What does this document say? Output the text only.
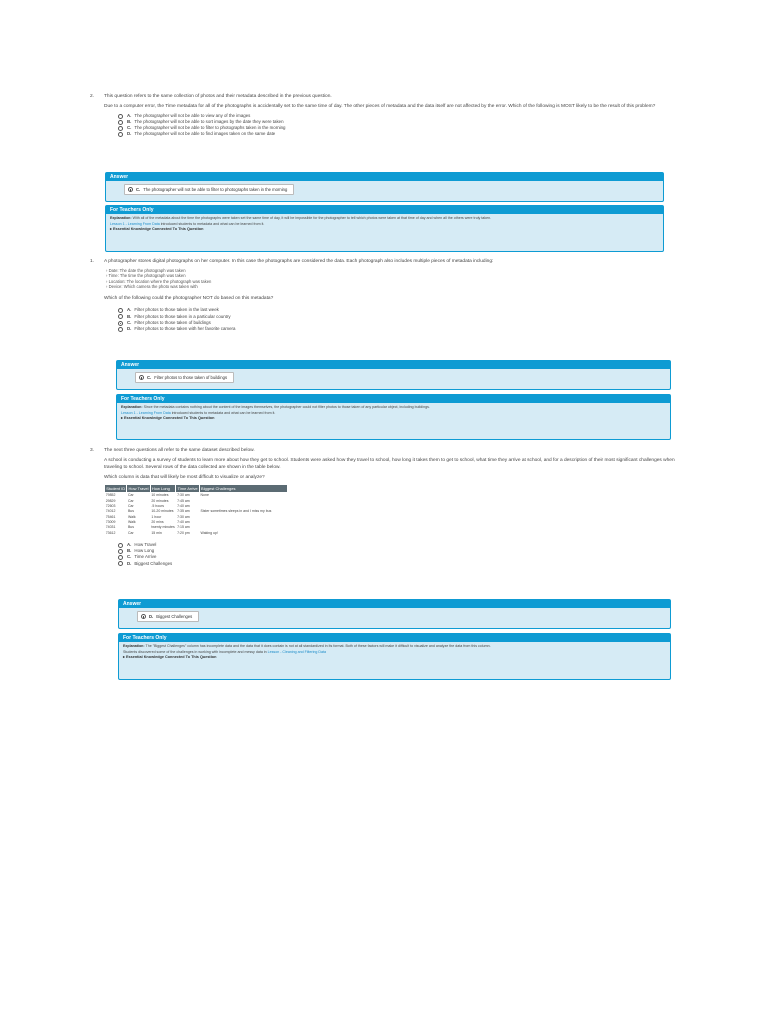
2.	This question refers to the same collection of photos and their metadata described in the previous question.
Due to a computer error, the Time metadata for all of the photographs is accidentally set to the same time of day. The other pieces of metadata and the data itself are not affected by the error. Which of the following is MOST likely to be the result of this problem?
A. The photographer will not be able to view any of the images
B. The photographer will not be able to sort images by the date they were taken
C. The photographer will not be able to filter to photographs taken in the morning
D. The photographer will not be able to find images taken on the same date
Answer
C. The photographer will not be able to filter to photographs taken in the morning
For Teachers Only
Explanation: With all of the metadata about the time the photographs were taken set the same time of day, it will be impossible for the photographer to tell which photos were taken at that time of day and when all the others were truly taken.
Lesson 1 - Learning From Data introduced students to metadata and what can be learned from it.
▸ Essential Knowledge Connected To This Question
1.	A photographer stores digital photographs on her computer. In this case the photographs are considered the data. Each photograph also includes multiple pieces of metadata including:
› Date: The date the photograph was taken
› Time: The time the photograph was taken
› Location: The location where the photograph was taken
› Device: Which camera the photo was taken with
Which of the following could the photographer NOT do based on this metadata?
A. Filter photos to those taken in the last week
B. Filter photos to those taken in a particular country
C. Filter photos to those taken of buildings
D. Filter photos to those taken with her favorite camera
Answer
C. Filter photos to those taken of buildings
For Teachers Only
Explanation: Since the metadata contains nothing about the content of the images themselves, the photographer could not filter photos to those taken of any particular object, including buildings.
Lesson 1 - Learning From Data introduced students to metadata and what can be learned from it.
▸ Essential Knowledge Connected To This Question
3.	The next three questions all refer to the same dataset described below.
A school is conducting a survey of students to learn more about how they get to school. Students were asked how they travel to school, how long it takes them to get to school, what time they arrive at school, and for a description of their most significant challenges when traveling to school. Several rows of the data collected are shown in the table below.
Which column is data that will likely be most difficult to visualize or analyze?
Student ID	How Travel	How Long	Time Arrive	Biggest Challenges
79852	Car	10 minutes	7:30 am	None
29829	Car	20 minutes	7:45 am	
72603	Car	.5 hours	7:40 am	
74012	Bus	10-20 minutes	7:35 am	Sister sometimes sleeps in and I miss my bus
75461	Walk	1 hour	7:30 am	
73009	Walk	20 mins	7:40 am	
74031	Bus	twenty minutes	7:15 am	
73612	Car	15 min	7:20 pm	Waking up!
A. How Travel
B. How Long
C. Time Arrive
D. Biggest Challenges
Answer
D. Biggest Challenges
For Teachers Only
Explanation: The "Biggest Challenges" column has incomplete data and the data that it does contain is not at all standardized in its format. Both of these factors will make it difficult to visualize and analyze the data from this column.
Students discovered some of the challenges in working with incomplete and messy data in Lesson - Cleaning and Filtering Data
▸ Essential Knowledge Connected To This Question
